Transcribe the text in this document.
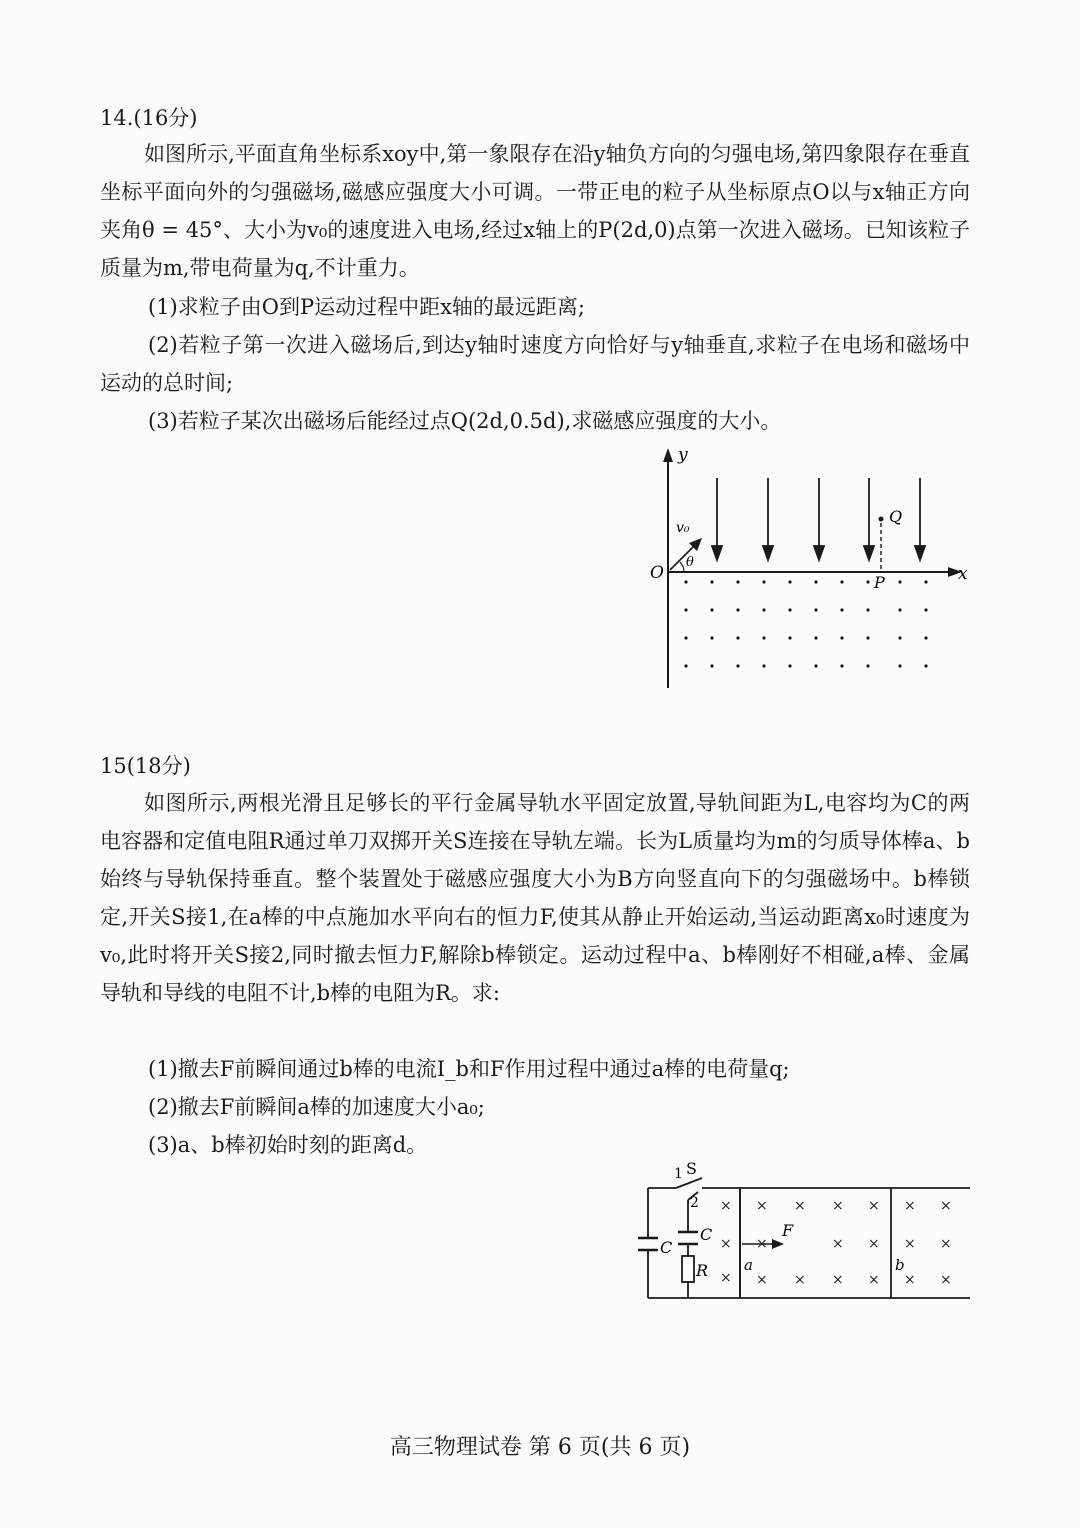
14.(16分)
如图所示,平面直角坐标系xoy中,第一象限存在沿y轴负方向的匀强电场,第四象限存在垂直坐标平面向外的匀强磁场,磁感应强度大小可调。一带正电的粒子从坐标原点O以与x轴正方向夹角θ = 45°、大小为v₀的速度进入电场,经过x轴上的P(2d,0)点第一次进入磁场。已知该粒子质量为m,带电荷量为q,不计重力。
(1)求粒子由O到P运动过程中距x轴的最远距离;
(2)若粒子第一次进入磁场后,到达y轴时速度方向恰好与y轴垂直,求粒子在电场和磁场中运动的总时间;
(3)若粒子某次出磁场后能经过点Q(2d,0.5d),求磁感应强度的大小。
y
x
O
v₀
θ
Q
P
15(18分)
如图所示,两根光滑且足够长的平行金属导轨水平固定放置,导轨间距为L,电容均为C的两电容器和定值电阻R通过单刀双掷开关S连接在导轨左端。长为L质量均为m的匀质导体棒a、b始终与导轨保持垂直。整个装置处于磁感应强度大小为B方向竖直向下的匀强磁场中。b棒锁定,开关S接1,在a棒的中点施加水平向右的恒力F,使其从静止开始运动,当运动距离x₀时速度为v₀,此时将开关S接2,同时撤去恒力F,解除b棒锁定。运动过程中a、b棒刚好不相碰,a棒、金属导轨和导线的电阻不计,b棒的电阻为R。求:
(1)撤去F前瞬间通过b棒的电流I_b和F作用过程中通过a棒的电荷量q;
(2)撤去F前瞬间a棒的加速度大小a₀;
(3)a、b棒初始时刻的距离d。
S
1
2
C
C
R
F
a	b
×
×
×
× × × ×
×	× ×
× × × ×
× ×
× ×
× ×
高三物理试卷 第 6 页(共 6 页)
